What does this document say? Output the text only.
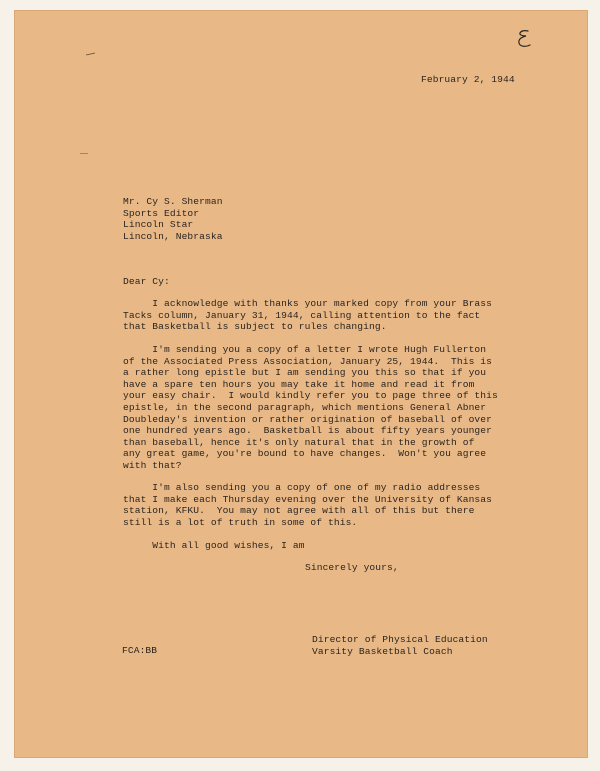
February 2, 1944
Mr. Cy S. Sherman
Sports Editor
Lincoln Star
Lincoln, Nebraska
Dear Cy:
I acknowledge with thanks your marked copy from your Brass
Tacks column, January 31, 1944, calling attention to the fact
that Basketball is subject to rules changing.
I'm sending you a copy of a letter I wrote Hugh Fullerton
of the Associated Press Association, January 25, 1944.  This is
a rather long epistle but I am sending you this so that if you
have a spare ten hours you may take it home and read it from
your easy chair.  I would kindly refer you to page three of this
epistle, in the second paragraph, which mentions General Abner
Doubleday's invention or rather origination of baseball of over
one hundred years ago.  Basketball is about fifty years younger
than baseball, hence it's only natural that in the growth of
any great game, you're bound to have changes.  Won't you agree
with that?
I'm also sending you a copy of one of my radio addresses
that I make each Thursday evening over the University of Kansas
station, KFKU.  You may not agree with all of this but there
still is a lot of truth in some of this.
With all good wishes, I am
Sincerely yours,
Director of Physical Education
Varsity Basketball Coach
FCA:BB
